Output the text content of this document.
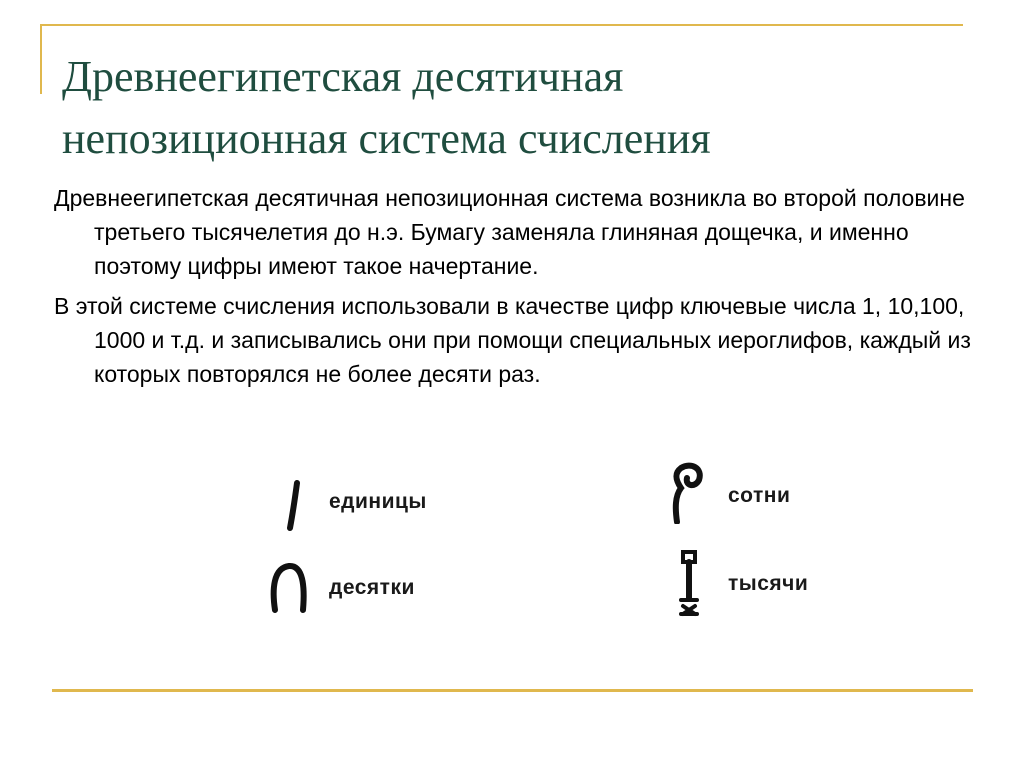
Древнеегипетская десятичная
непозиционная система счисления

Древнеегипетская десятичная непозиционная система возникла во второй половине третьего тысячелетия до н.э. Бумагу заменяла глиняная дощечка, и именно поэтому цифры имеют такое начертание.

В этой системе счисления использовали в качестве цифр ключевые числа 1, 10,100, 1000 и т.д. и записывались они при помощи специальных иероглифов, каждый из которых повторялся не более десяти раз.

единицы
десятки
сотни
тысячи
